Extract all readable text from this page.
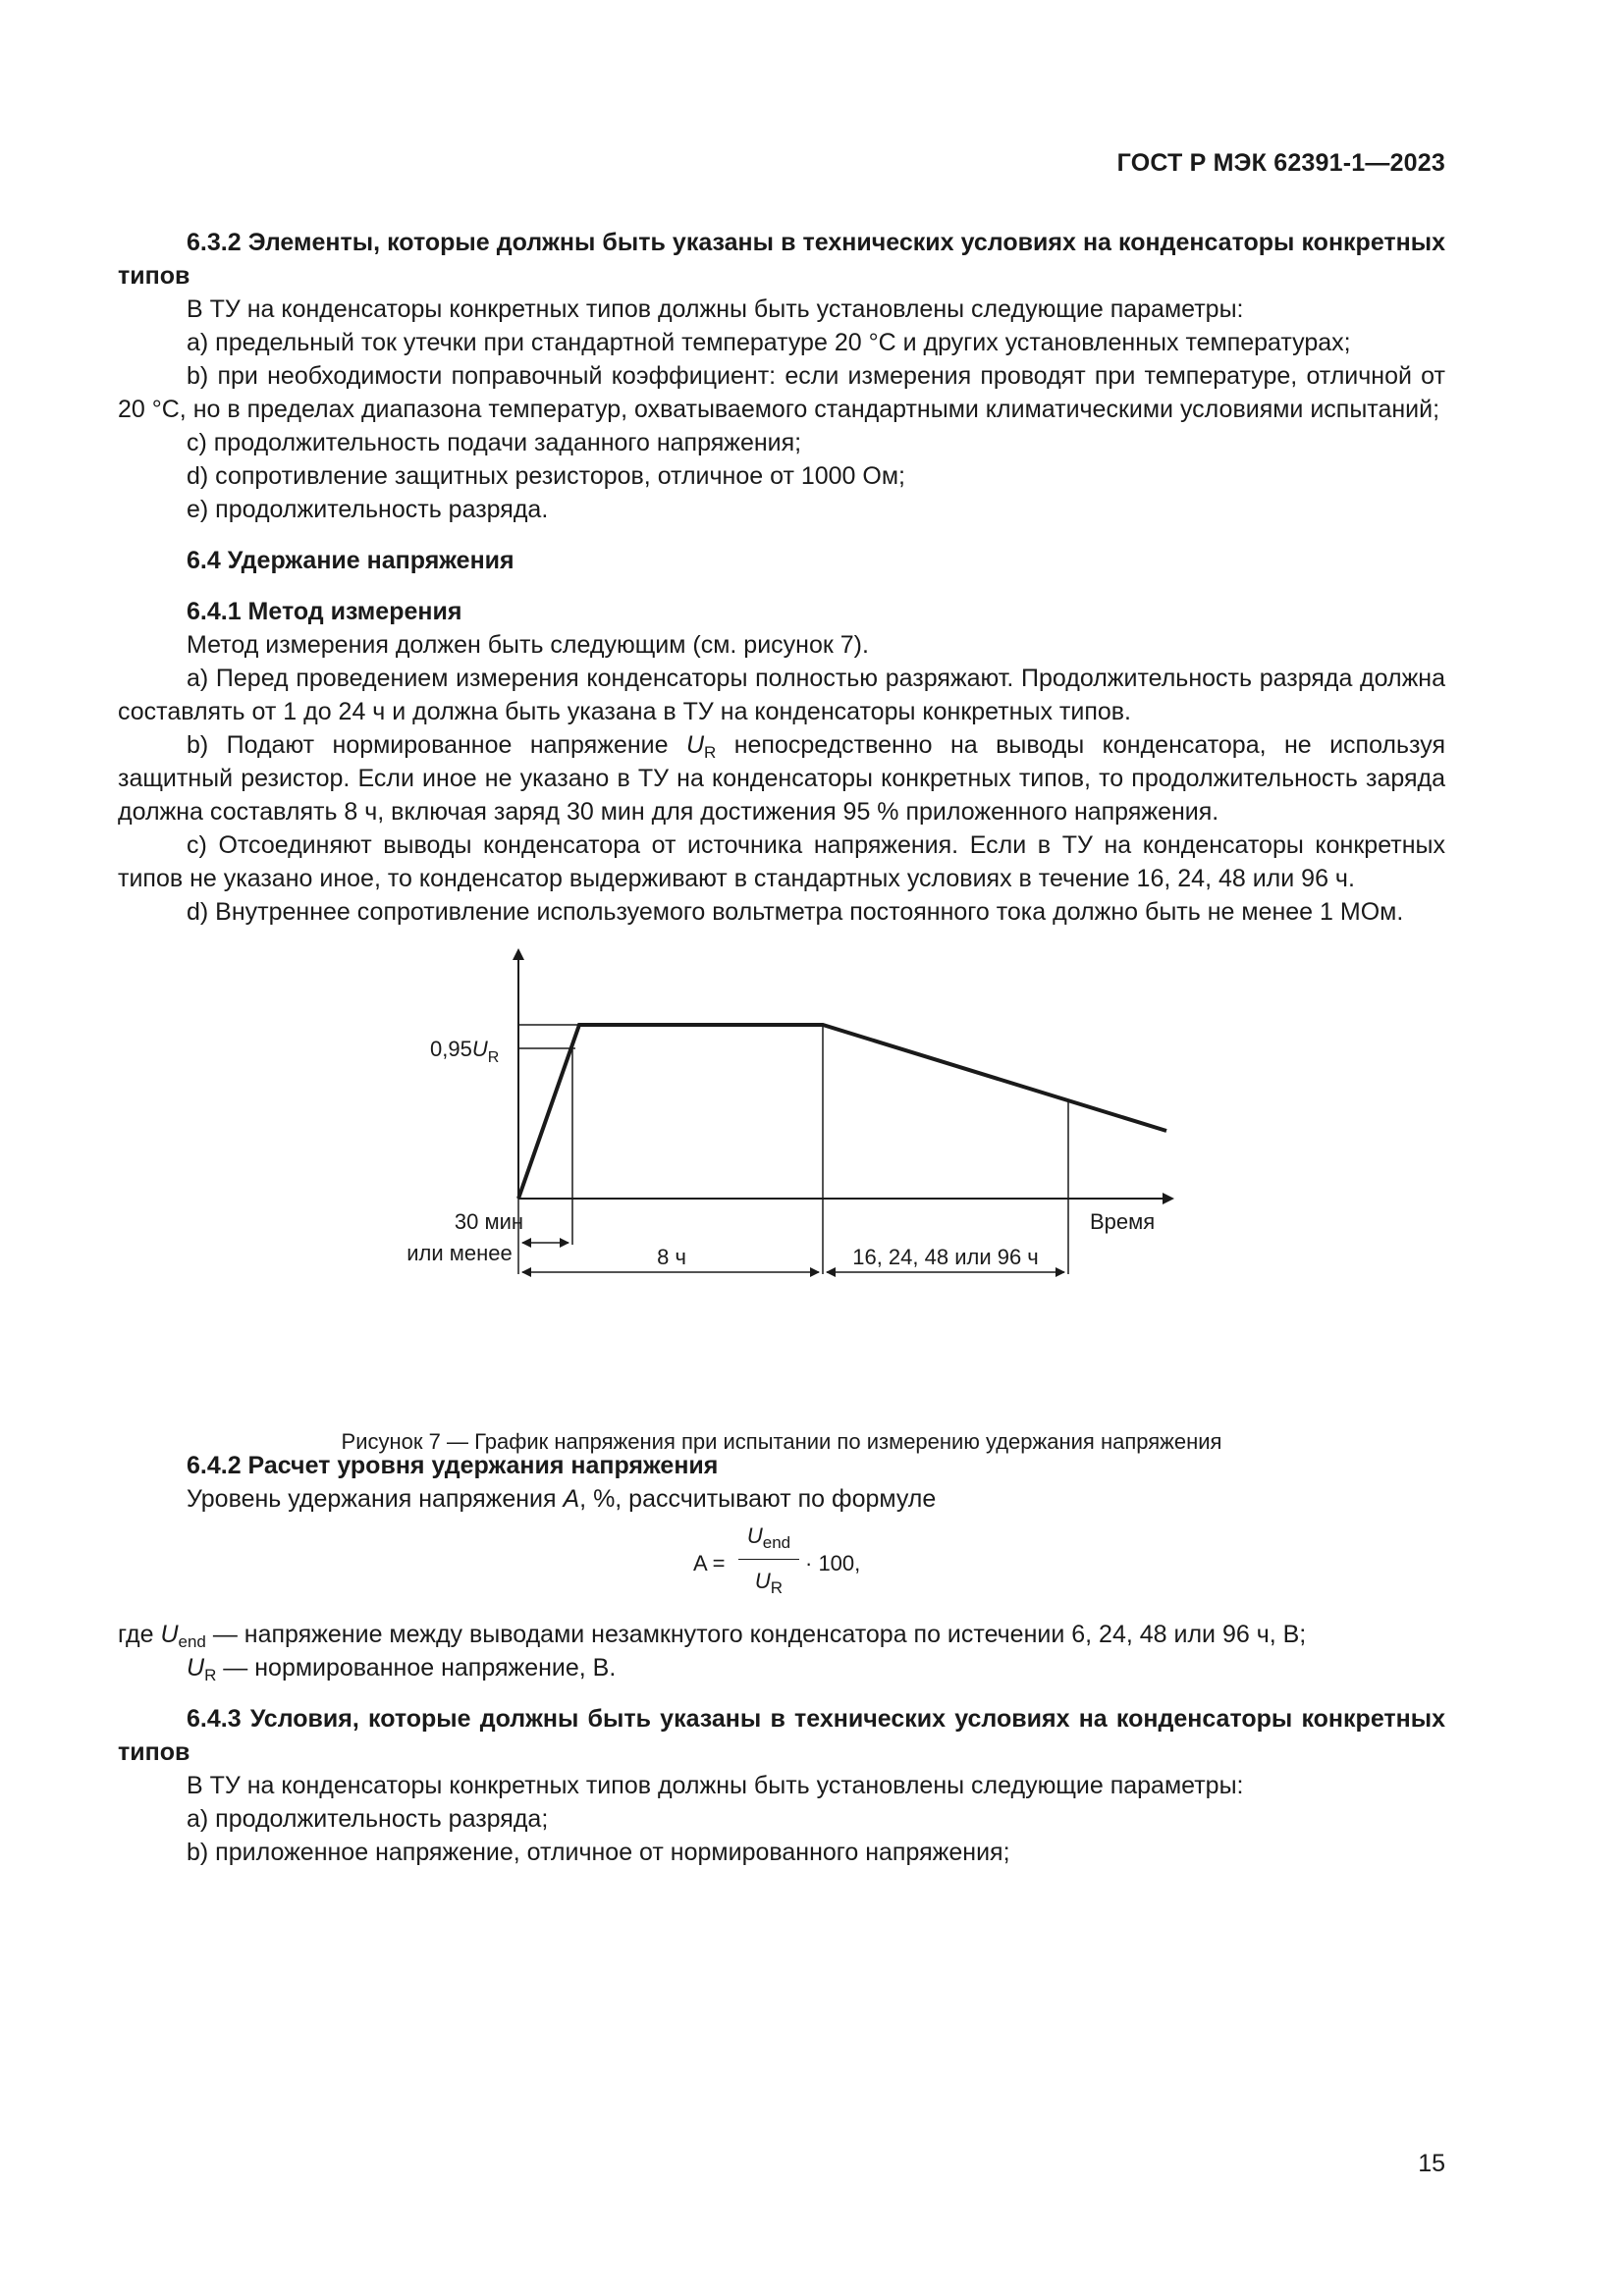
ГОСТ Р МЭК 62391-1—2023

6.3.2 Элементы, которые должны быть указаны в технических условиях на конденсаторы конкретных типов

В ТУ на конденсаторы конкретных типов должны быть установлены следующие параметры:

a) предельный ток утечки при стандартной температуре 20 °C и других установленных температурах;

b) при необходимости поправочный коэффициент: если измерения проводят при температуре, отличной от 20 °C, но в пределах диапазона температур, охватываемого стандартными климатическими условиями испытаний;

c) продолжительность подачи заданного напряжения;

d) сопротивление защитных резисторов, отличное от 1000 Ом;

e) продолжительность разряда.

6.4 Удержание напряжения

6.4.1 Метод измерения

Метод измерения должен быть следующим (см. рисунок 7).

a) Перед проведением измерения конденсаторы полностью разряжают. Продолжительность разряда должна составлять от 1 до 24 ч и должна быть указана в ТУ на конденсаторы конкретных типов.

b) Подают нормированное напряжение $U_R$ непосредственно на выводы конденсатора, не используя защитный резистор. Если иное не указано в ТУ на конденсаторы конкретных типов, то продолжительность заряда должна составлять 8 ч, включая заряд 30 мин для достижения 95 % приложенного напряжения.

c) Отсоединяют выводы конденсатора от источника напряжения. Если в ТУ на конденсаторы конкретных типов не указано иное, то конденсатор выдерживают в стандартных условиях в течение 16, 24, 48 или 96 ч.

d) Внутреннее сопротивление используемого вольтметра постоянного тока должно быть не менее 1 МОм.

$0,95U_R$
Время
30 мин
или менее	8 ч	16, 24, 48 или 96 ч

Рисунок 7 — График напряжения при испытании по измерению удержания напряжения

6.4.2 Расчет уровня удержания напряжения

Уровень удержания напряжения A, %, рассчитывают по формуле

A =
$U_{end}$
$U_R$
· 100,

где $U_{end}$ — напряжение между выводами незамкнутого конденсатора по истечении 6, 24, 48 или 96 ч, В;

$U_R$ — нормированное напряжение, В.

6.4.3 Условия, которые должны быть указаны в технических условиях на конденсаторы конкретных типов

В ТУ на конденсаторы конкретных типов должны быть установлены следующие параметры:

a) продолжительность разряда;

b) приложенное напряжение, отличное от нормированного напряжения;

15
